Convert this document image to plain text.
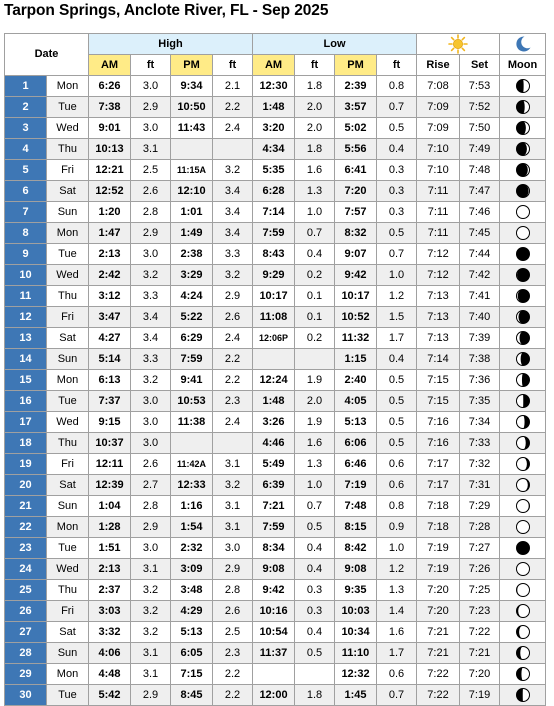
Tarpon Springs, Anclote River, FL - Sep 2025
Date		High				Low	

		AM	ft	PM	ft	AM	ft	PM	ft	Rise	Set	Moon
1	Mon	6:26	3.0	9:34	2.1	12:30	1.8	2:39	0.8	7:08	7:53	

2	Tue	7:38	2.9	10:50	2.2	1:48	2.0	3:57	0.7	7:09	7:52	

3	Wed	9:01	3.0	11:43	2.4	3:20	2.0	5:02	0.5	7:09	7:50	

4	Thu	10:13	3.1			4:34	1.8	5:56	0.4	7:10	7:49	

5	Fri	12:21	2.5	11:15A	3.2	5:35	1.6	6:41	0.3	7:10	7:48	

6	Sat	12:52	2.6	12:10	3.4	6:28	1.3	7:20	0.3	7:11	7:47	

7	Sun	1:20	2.8	1:01	3.4	7:14	1.0	7:57	0.3	7:11	7:46	

8	Mon	1:47	2.9	1:49	3.4	7:59	0.7	8:32	0.5	7:11	7:45	

9	Tue	2:13	3.0	2:38	3.3	8:43	0.4	9:07	0.7	7:12	7:44	

10	Wed	2:42	3.2	3:29	3.2	9:29	0.2	9:42	1.0	7:12	7:42	

11	Thu	3:12	3.3	4:24	2.9	10:17	0.1	10:17	1.2	7:13	7:41	

12	Fri	3:47	3.4	5:22	2.6	11:08	0.1	10:52	1.5	7:13	7:40	

13	Sat	4:27	3.4	6:29	2.4	12:06P	0.2	11:32	1.7	7:13	7:39	

14	Sun	5:14	3.3	7:59	2.2			1:15	0.4	7:14	7:38	

15	Mon	6:13	3.2	9:41	2.2	12:24	1.9	2:40	0.5	7:15	7:36	

16	Tue	7:37	3.0	10:53	2.3	1:48	2.0	4:05	0.5	7:15	7:35	

17	Wed	9:15	3.0	11:38	2.4	3:26	1.9	5:13	0.5	7:16	7:34	

18	Thu	10:37	3.0			4:46	1.6	6:06	0.5	7:16	7:33	

19	Fri	12:11	2.6	11:42A	3.1	5:49	1.3	6:46	0.6	7:17	7:32	

20	Sat	12:39	2.7	12:33	3.2	6:39	1.0	7:19	0.6	7:17	7:31	

21	Sun	1:04	2.8	1:16	3.1	7:21	0.7	7:48	0.8	7:18	7:29	

22	Mon	1:28	2.9	1:54	3.1	7:59	0.5	8:15	0.9	7:18	7:28	

23	Tue	1:51	3.0	2:32	3.0	8:34	0.4	8:42	1.0	7:19	7:27	

24	Wed	2:13	3.1	3:09	2.9	9:08	0.4	9:08	1.2	7:19	7:26	

25	Thu	2:37	3.2	3:48	2.8	9:42	0.3	9:35	1.3	7:20	7:25	

26	Fri	3:03	3.2	4:29	2.6	10:16	0.3	10:03	1.4	7:20	7:23	

27	Sat	3:32	3.2	5:13	2.5	10:54	0.4	10:34	1.6	7:21	7:22	

28	Sun	4:06	3.1	6:05	2.3	11:37	0.5	11:10	1.7	7:21	7:21	

29	Mon	4:48	3.1	7:15	2.2			12:32	0.6	7:22	7:20	

30	Tue	5:42	2.9	8:45	2.2	12:00	1.8	1:45	0.7	7:22	7:19	
